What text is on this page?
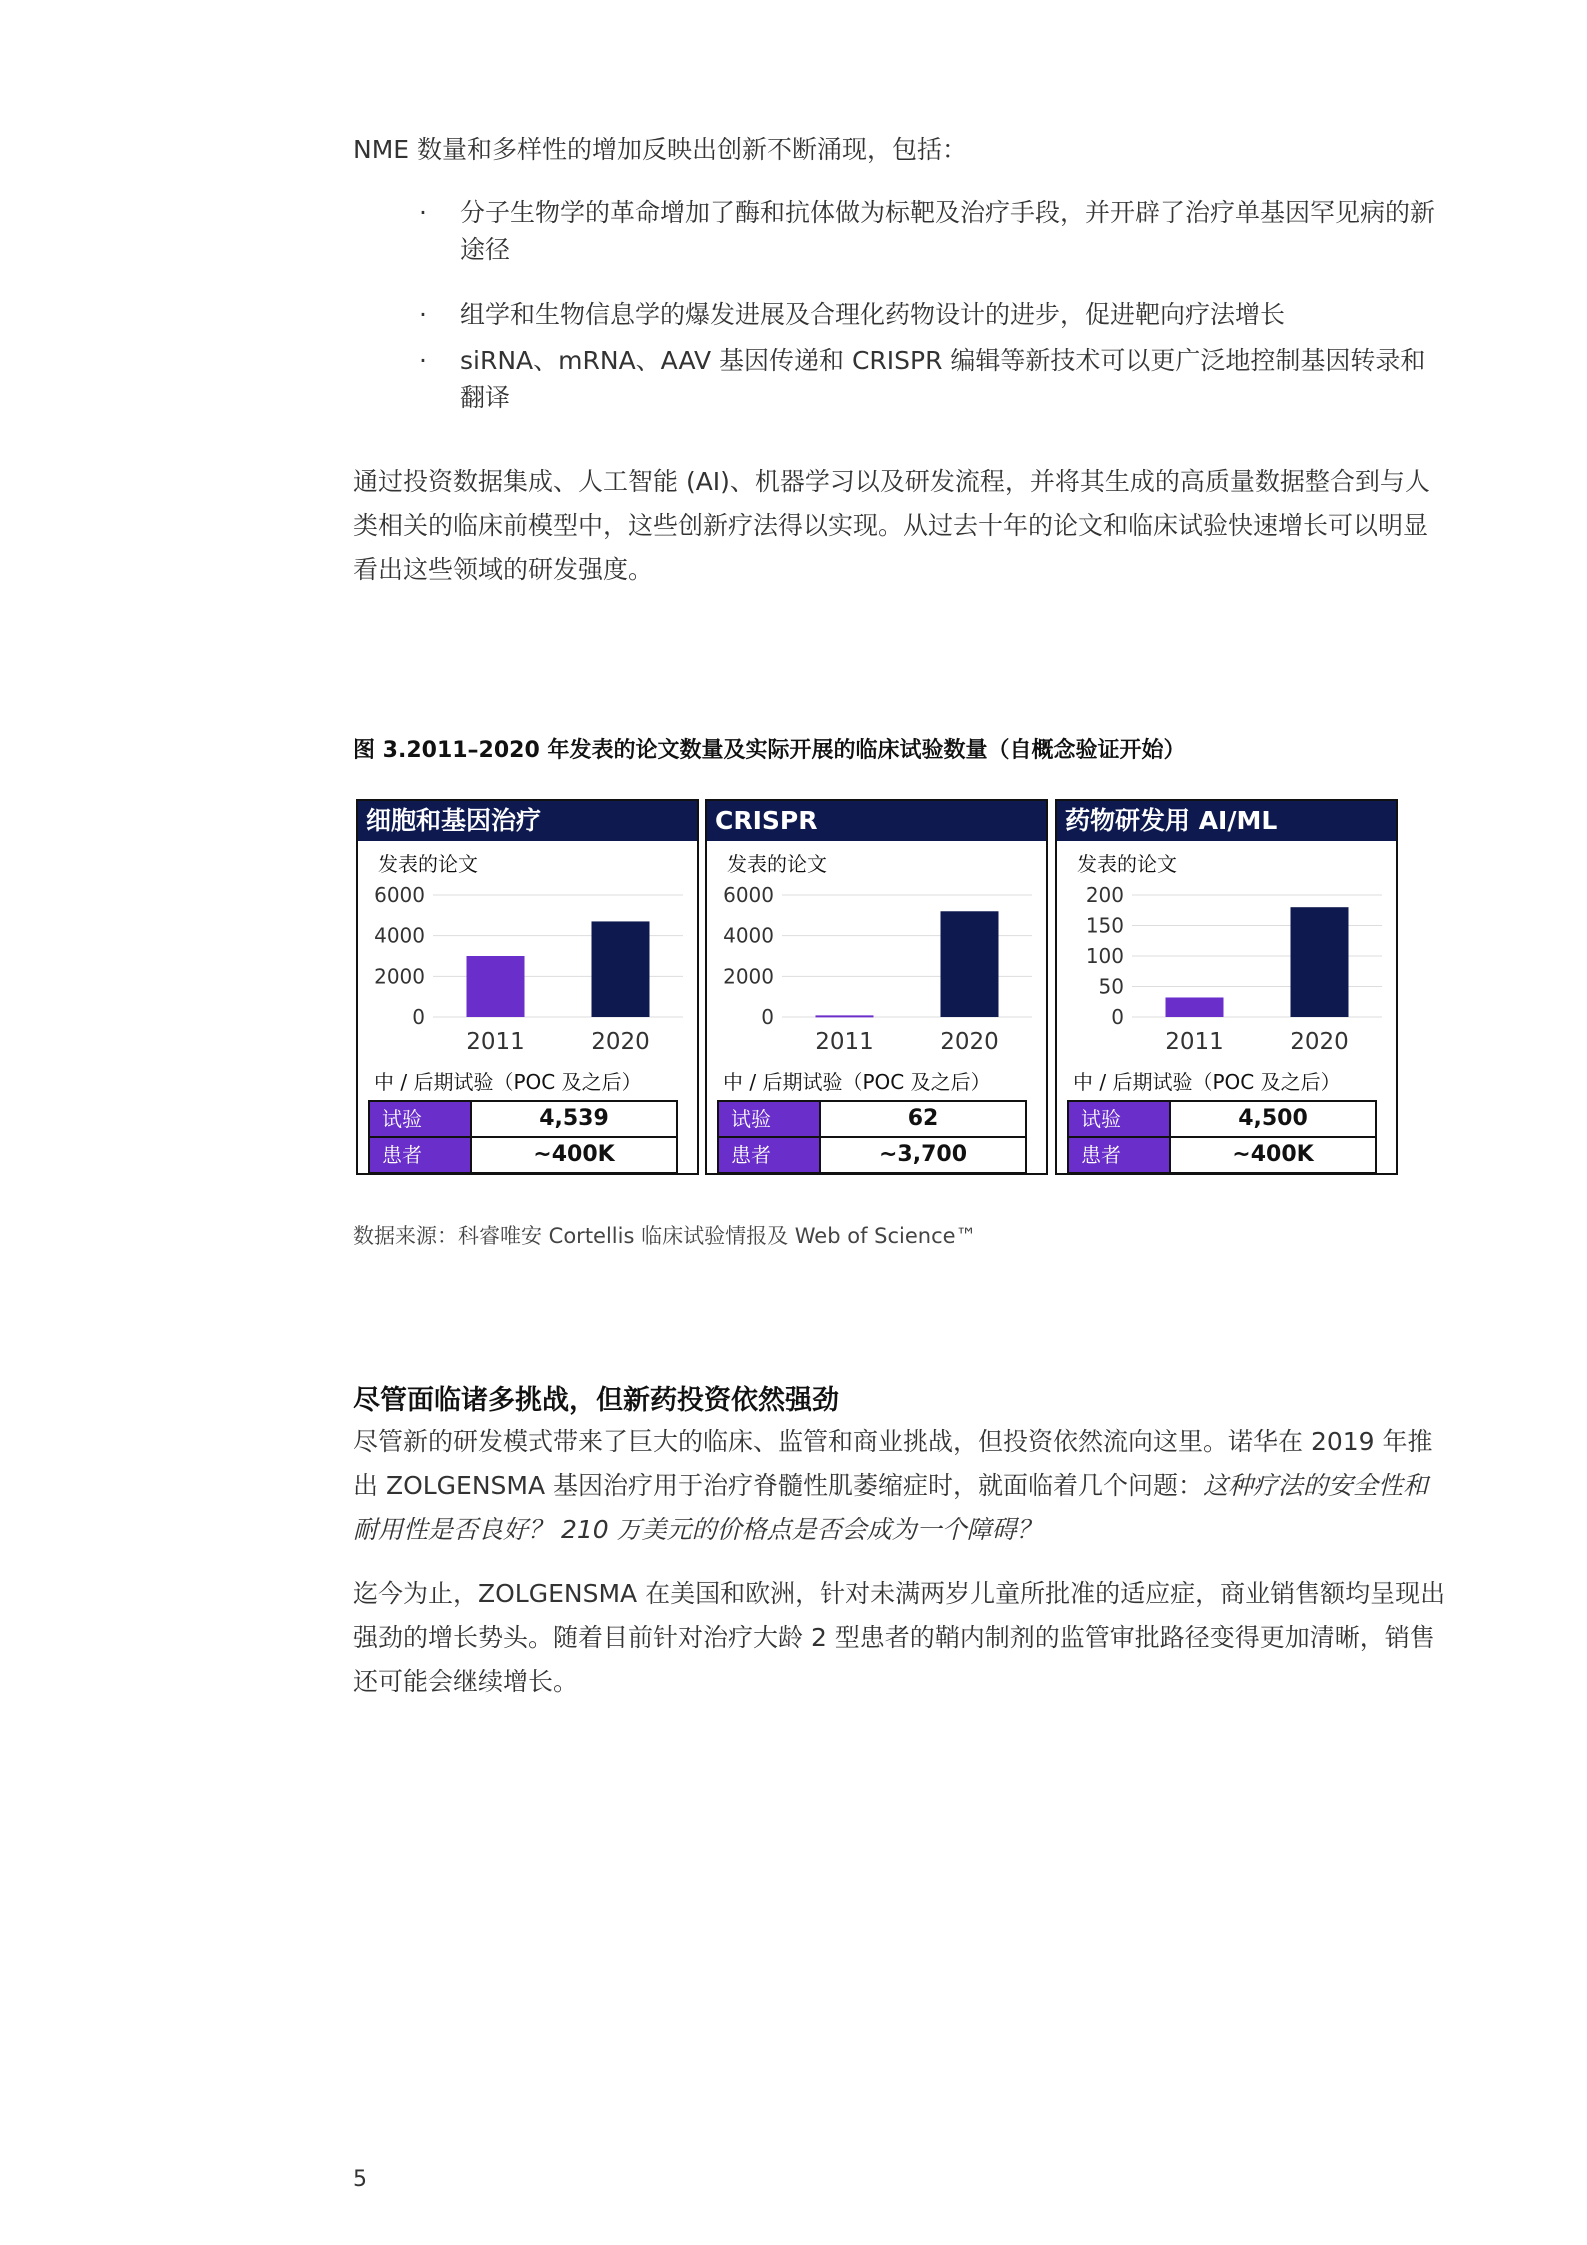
NME 数量和多样性的增加反映出创新不断涌现，包括：
· 分子生物学的革命增加了酶和抗体做为标靶及治疗手段，并开辟了治疗单基因罕见病的新途径
· 组学和生物信息学的爆发进展及合理化药物设计的进步，促进靶向疗法增长
· siRNA、mRNA、AAV 基因传递和 CRISPR 编辑等新技术可以更广泛地控制基因转录和翻译
通过投资数据集成、人工智能 (AI)、机器学习以及研发流程，并将其生成的高质量数据整合到与人类相关的临床前模型中，这些创新疗法得以实现。从过去十年的论文和临床试验快速增长可以明显看出这些领域的研发强度。
图 3.2011–2020 年发表的论文数量及实际开展的临床试验数量（自概念验证开始）
细胞和基因治疗
发表的论文
0
2000
4000
6000
2011	2020
中 / 后期试验（POC 及之后）
试验	4,539
患者	~400K
CRISPR
发表的论文
0
2000
4000
6000
2011	2020
中 / 后期试验（POC 及之后）
试验	62
患者	~3,700
药物研发用 AI/ML
发表的论文
0
50
100
150
200
2011	2020
中 / 后期试验（POC 及之后）
试验	4,500
患者	~400K
数据来源：科睿唯安 Cortellis 临床试验情报及 Web of Science™
尽管面临诸多挑战，但新药投资依然强劲
尽管新的研发模式带来了巨大的临床、监管和商业挑战，但投资依然流向这里。诺华在 2019 年推出 ZOLGENSMA 基因治疗用于治疗脊髓性肌萎缩症时，就面临着几个问题：这种疗法的安全性和耐用性是否良好？ 210 万美元的价格点是否会成为一个障碍？
迄今为止，ZOLGENSMA 在美国和欧洲，针对未满两岁儿童所批准的适应症，商业销售额均呈现出强劲的增长势头。随着目前针对治疗大龄 2 型患者的鞘内制剂的监管审批路径变得更加清晰，销售还可能会继续增长。
5
